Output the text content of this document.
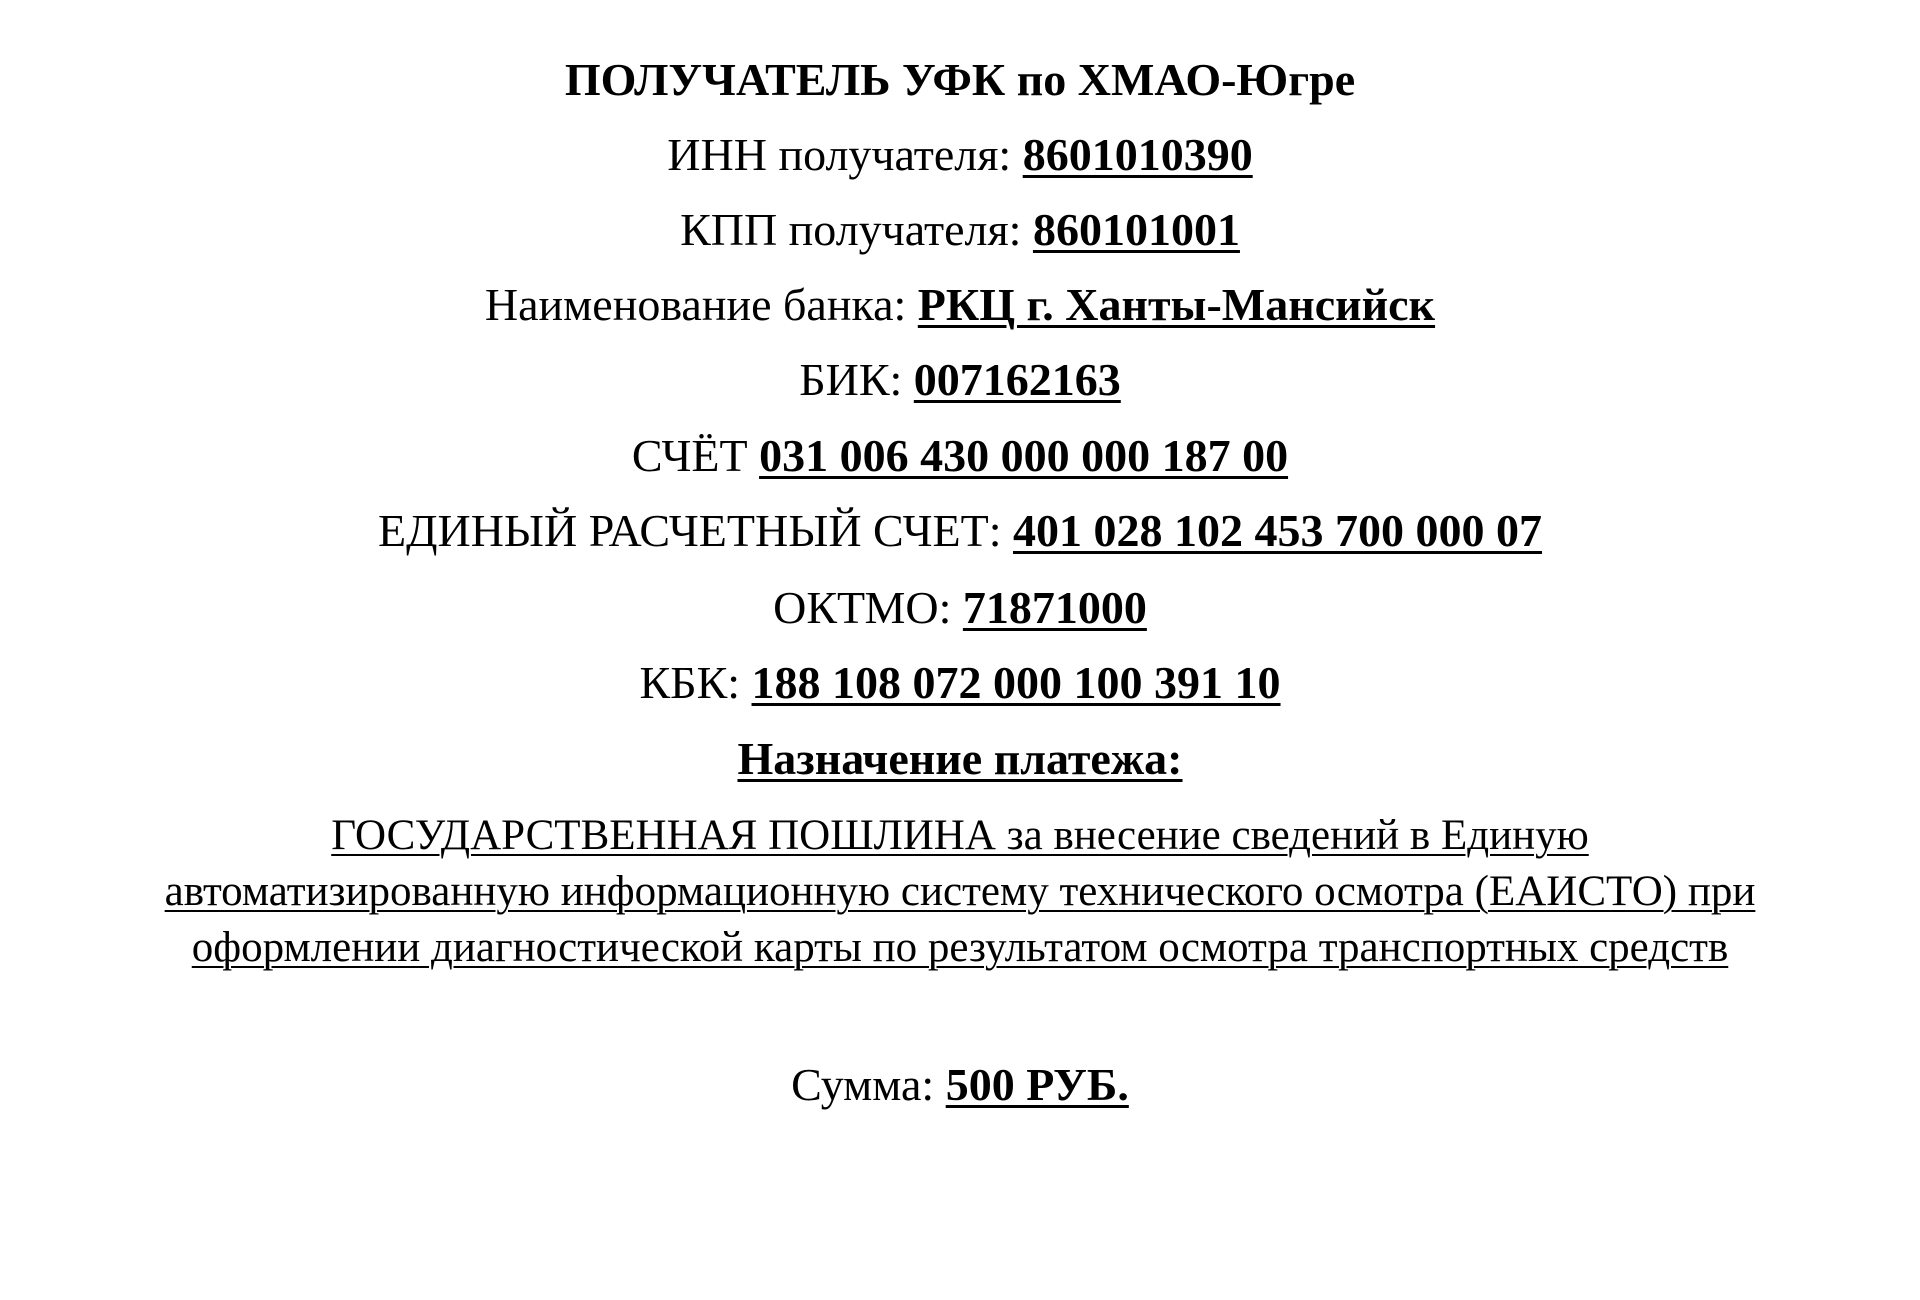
ПОЛУЧАТЕЛЬ УФК по ХМАО-Югре
ИНН получателя: 8601010390
КПП получателя: 860101001
Наименование банка: РКЦ г. Ханты-Мансийск
БИК: 007162163
СЧЁТ 031 006 430 000 000 187 00
ЕДИНЫЙ РАСЧЕТНЫЙ СЧЕТ: 401 028 102 453 700 000 07
ОКТМО: 71871000
КБК: 188 108 072 000 100 391 10
Назначение платежа:
ГОСУДАРСТВЕННАЯ ПОШЛИНА за внесение сведений в Единую автоматизированную информационную систему технического осмотра (ЕАИСТО) при оформлении диагностической карты по результатом осмотра транспортных средств
Сумма: 500 РУБ.
